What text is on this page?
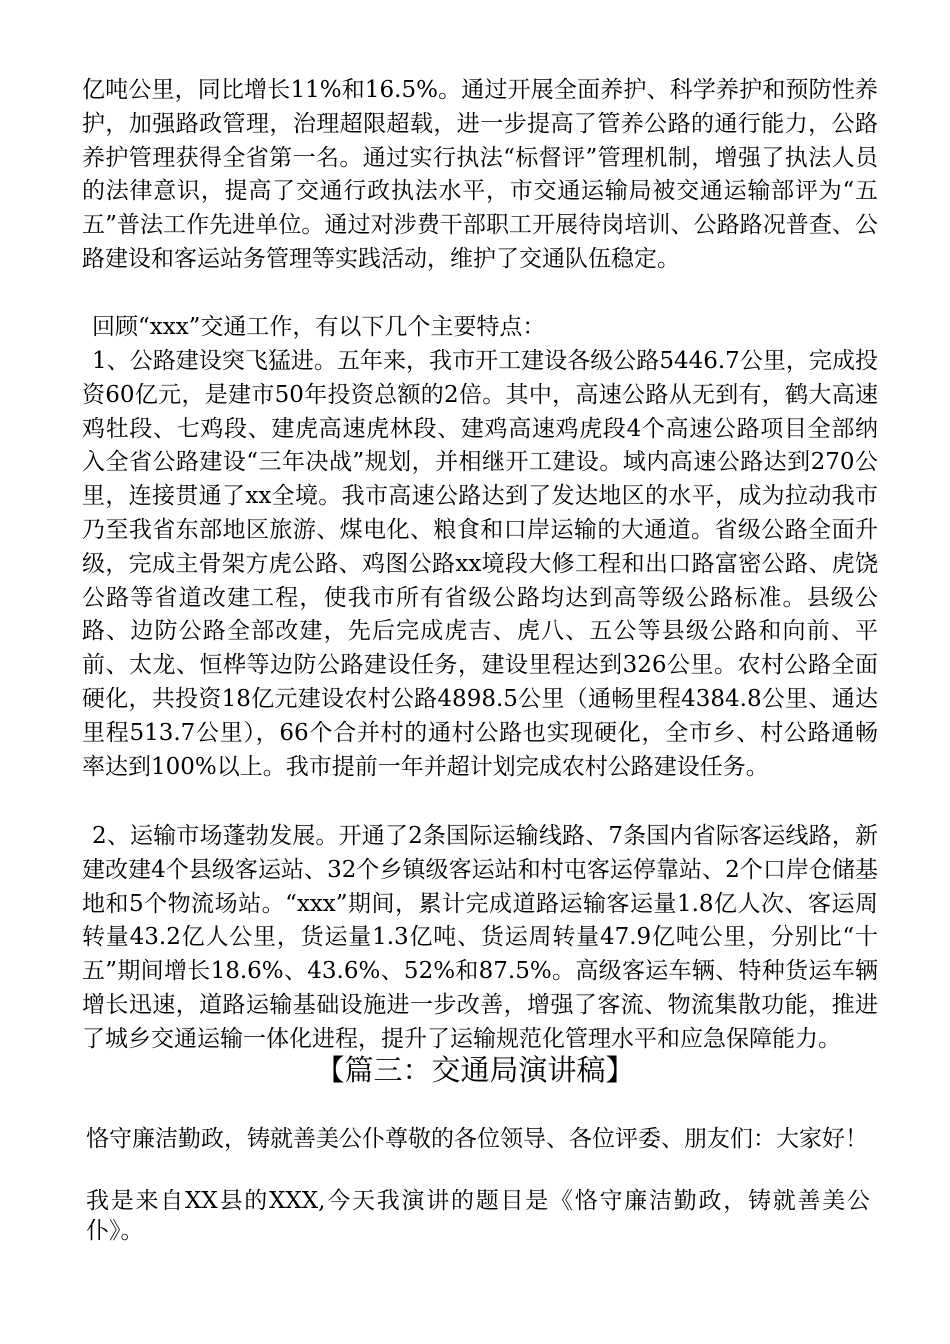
亿吨公里，同比增长11%和16.5%。通过开展全面养护、科学养护和预防性养护，加强路政管理，治理超限超载，进一步提高了管养公路的通行能力，公路养护管理获得全省第一名。通过实行执法“标督评”管理机制，增强了执法人员的法律意识，提高了交通行政执法水平，市交通运输局被交通运输部评为“五五”普法工作先进单位。通过对涉费干部职工开展待岗培训、公路路况普查、公路建设和客运站务管理等实践活动，维护了交通队伍稳定。

回顾“xxx”交通工作，有以下几个主要特点：

1、公路建设突飞猛进。五年来，我市开工建设各级公路5446.7公里，完成投资60亿元，是建市50年投资总额的2倍。其中，高速公路从无到有，鹤大高速鸡牡段、七鸡段、建虎高速虎林段、建鸡高速鸡虎段4个高速公路项目全部纳入全省公路建设“三年决战”规划，并相继开工建设。域内高速公路达到270公里，连接贯通了xx全境。我市高速公路达到了发达地区的水平，成为拉动我市乃至我省东部地区旅游、煤电化、粮食和口岸运输的大通道。省级公路全面升级，完成主骨架方虎公路、鸡图公路xx境段大修工程和出口路富密公路、虎饶公路等省道改建工程，使我市所有省级公路均达到高等级公路标准。县级公路、边防公路全部改建，先后完成虎吉、虎八、五公等县级公路和向前、平前、太龙、恒桦等边防公路建设任务，建设里程达到326公里。农村公路全面硬化，共投资18亿元建设农村公路4898.5公里（通畅里程4384.8公里、通达里程513.7公里），66个合并村的通村公路也实现硬化，全市乡、村公路通畅率达到100%以上。我市提前一年并超计划完成农村公路建设任务。

2、运输市场蓬勃发展。开通了2条国际运输线路、7条国内省际客运线路，新建改建4个县级客运站、32个乡镇级客运站和村屯客运停靠站、2个口岸仓储基地和5个物流场站。“xxx”期间，累计完成道路运输客运量1.8亿人次、客运周转量43.2亿人公里，货运量1.3亿吨、货运周转量47.9亿吨公里，分别比“十五”期间增长18.6%、43.6%、52%和87.5%。高级客运车辆、特种货运车辆增长迅速，道路运输基础设施进一步改善，增强了客流、物流集散功能，推进了城乡交通运输一体化进程，提升了运输规范化管理水平和应急保障能力。

【篇三：交通局演讲稿】

恪守廉洁勤政，铸就善美公仆尊敬的各位领导、各位评委、朋友们：大家好！

我是来自XX县的XXX,今天我演讲的题目是《恪守廉洁勤政，铸就善美公仆》。
